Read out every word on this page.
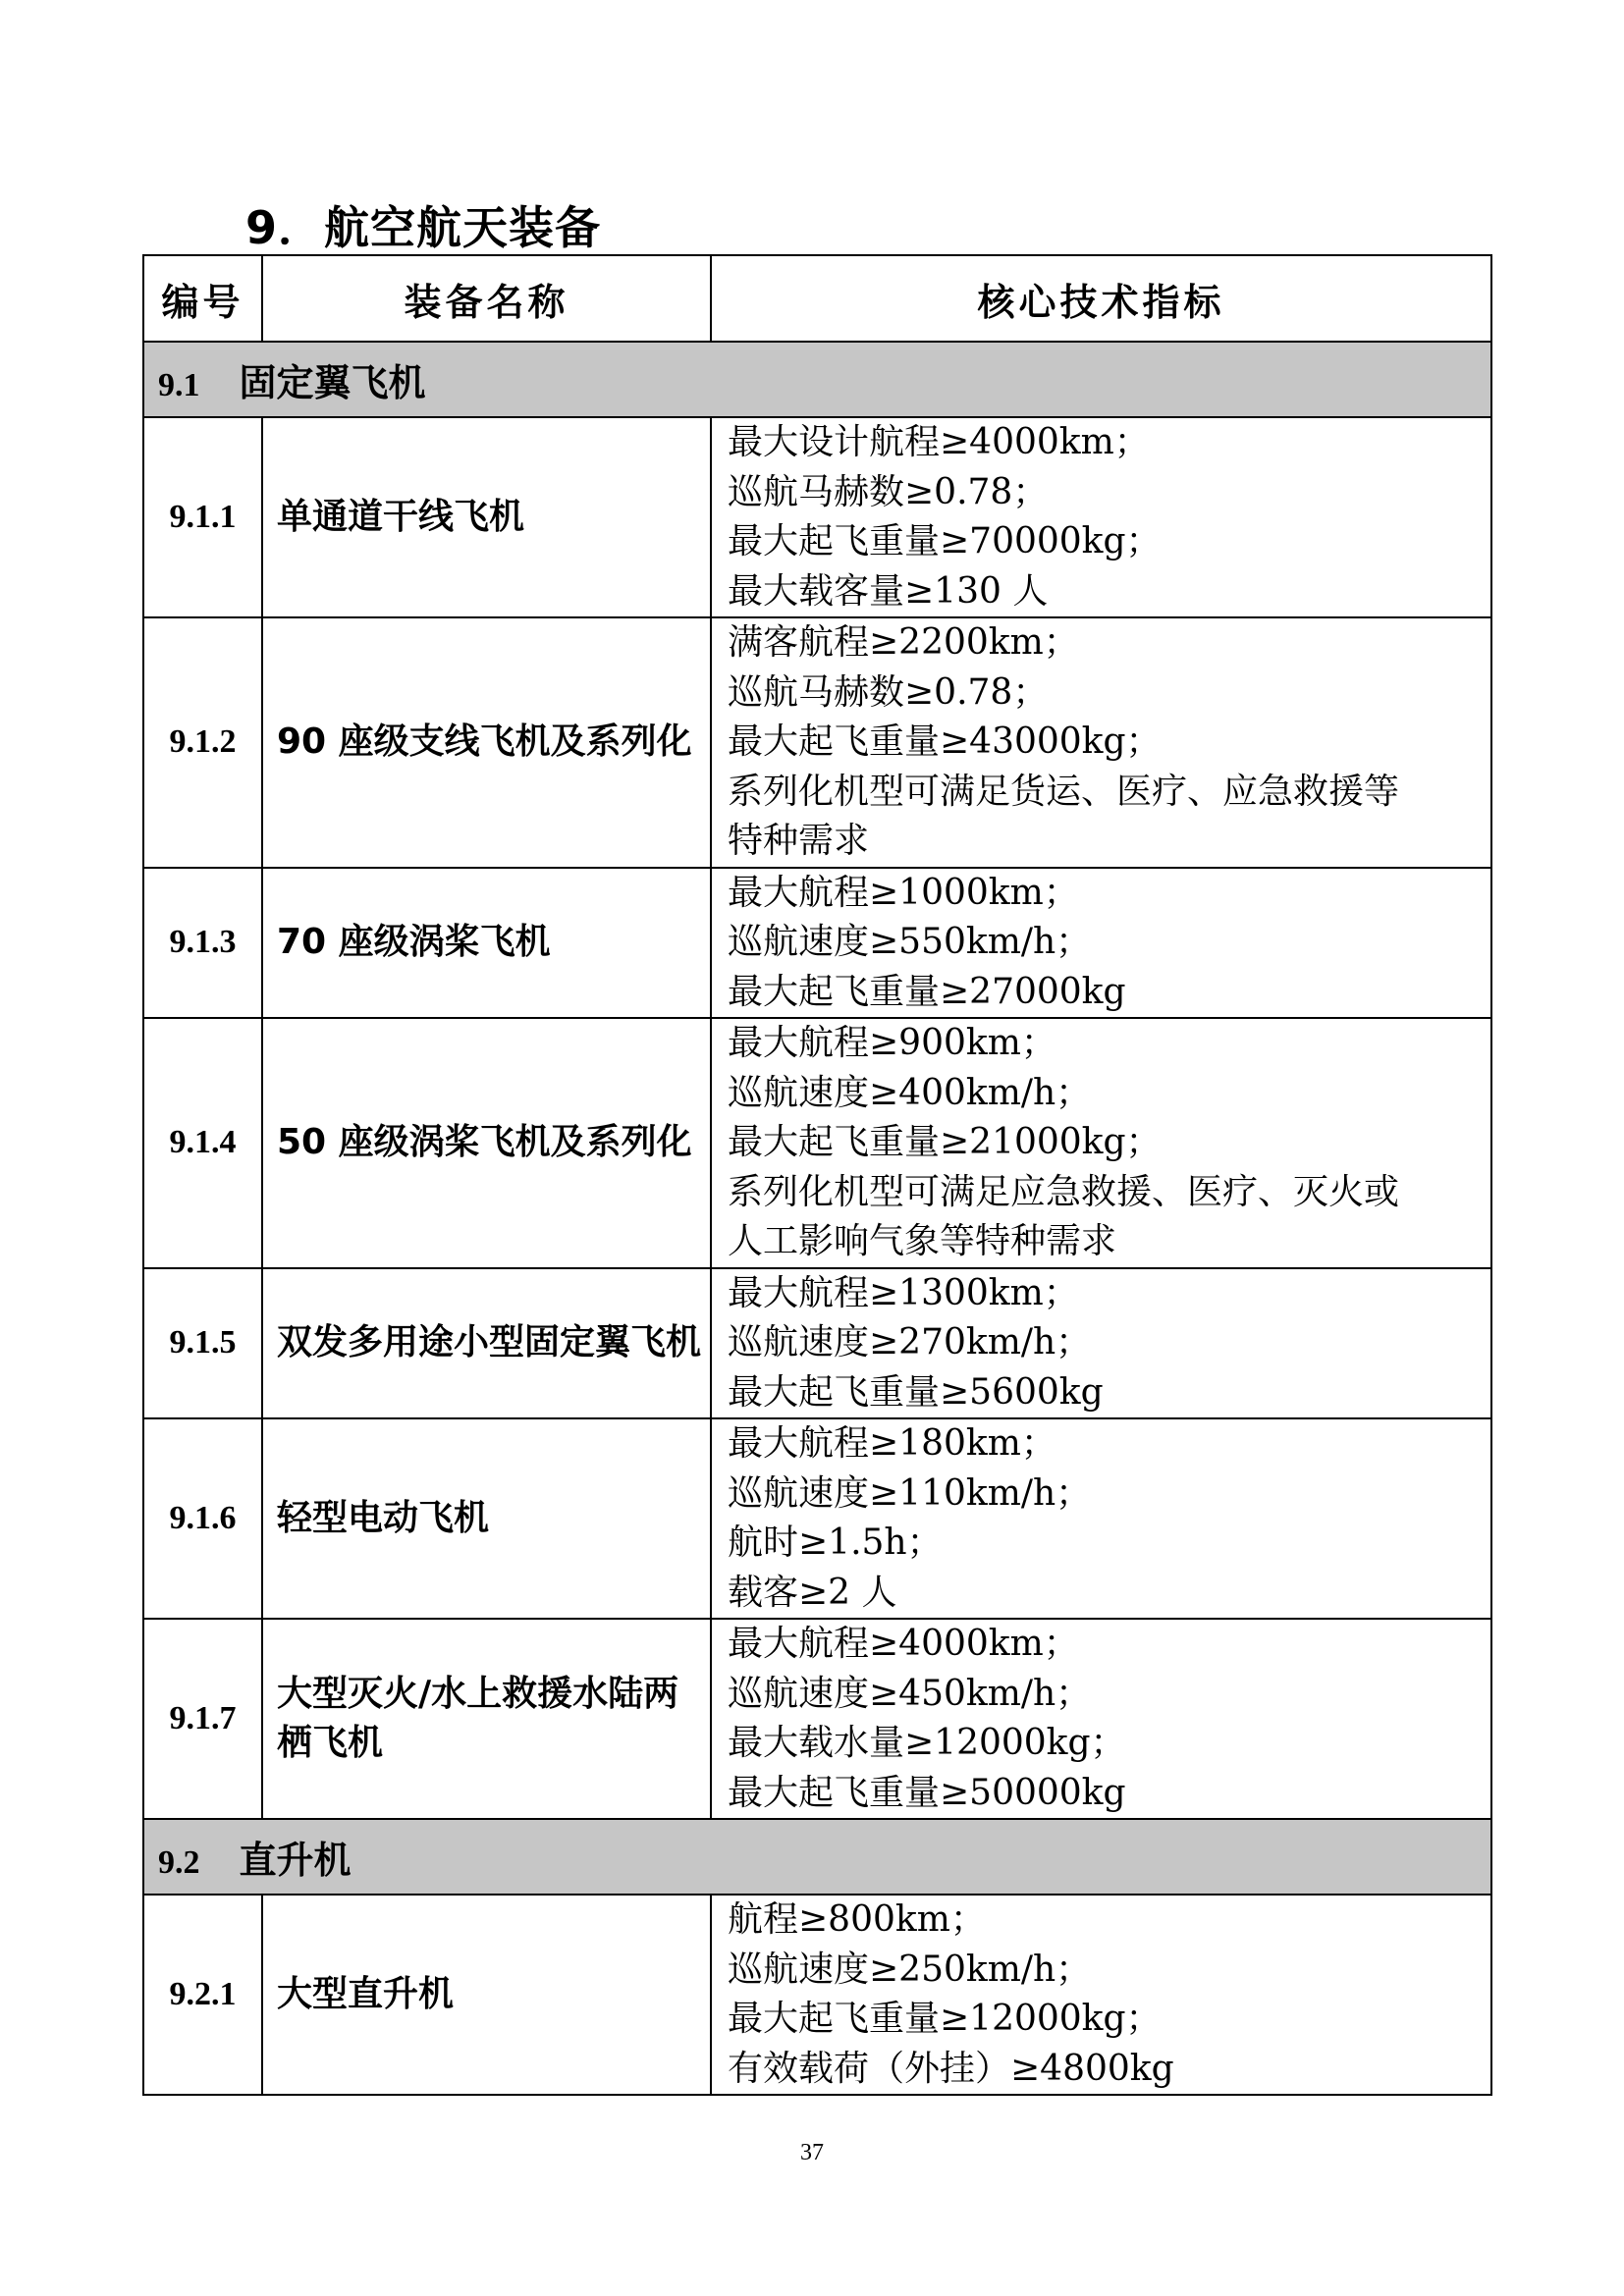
9．航空航天装备
编号	装备名称	核心技术指标
9.1 固定翼飞机		
9.1.1	单通道干线飞机	最大设计航程≥4000km；
巡航马赫数≥0.78；
最大起飞重量≥70000kg；
最大载客量≥130 人

9.1.2	90 座级支线飞机及系列化	满客航程≥2200km；
巡航马赫数≥0.78；
最大起飞重量≥43000kg；
系列化机型可满足货运、医疗、应急救援等
特种需求

9.1.3	70 座级涡桨飞机	最大航程≥1000km；
巡航速度≥550km/h；
最大起飞重量≥27000kg

9.1.4	50 座级涡桨飞机及系列化	最大航程≥900km；
巡航速度≥400km/h；
最大起飞重量≥21000kg；
系列化机型可满足应急救援、医疗、灭火或
人工影响气象等特种需求

9.1.5	双发多用途小型固定翼飞机	最大航程≥1300km；
巡航速度≥270km/h；
最大起飞重量≥5600kg

9.1.6	轻型电动飞机	最大航程≥180km；
巡航速度≥110km/h；
航时≥1.5h；
载客≥2 人

9.1.7	大型灭火/水上救援水陆两栖飞机	最大航程≥4000km；
巡航速度≥450km/h；
最大载水量≥12000kg；
最大起飞重量≥50000kg

9.2 直升机		
9.2.1	大型直升机	航程≥800km；
巡航速度≥250km/h；
最大起飞重量≥12000kg；
有效载荷（外挂）≥4800kg
37
